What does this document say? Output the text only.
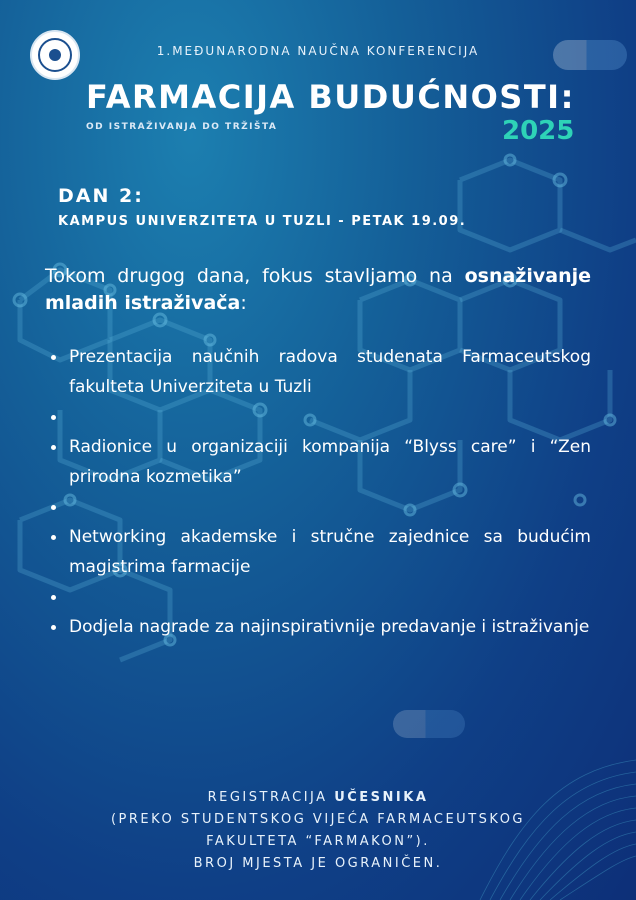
1.MEĐUNARODNA NAUČNA KONFERENCIJA
FARMACIJA BUDUĆNOSTI:
OD ISTRAŽIVANJA DO TRŽIŠTA	2025
DAN 2:
KAMPUS UNIVERZITETA U TUZLI - PETAK 19.09.
Tokom drugog dana, fokus stavljamo na osnaživanje mladih istraživača:
Prezentacija naučnih radova studenata Farmaceutskog fakulteta Univerziteta u Tuzli
Radionice u organizaciji kompanija “Blyss care” i “Zen prirodna kozmetika”
Networking akademske i stručne zajednice sa budućim magistrima farmacije
Dodjela nagrade za najinspirativnije predavanje i istraživanje
REGISTRACIJA UČESNIKA
(PREKO STUDENTSKOG VIJEĆA FARMACEUTSKOG
FAKULTETA “FARMAKON”).
BROJ MJESTA JE OGRANIČEN.
